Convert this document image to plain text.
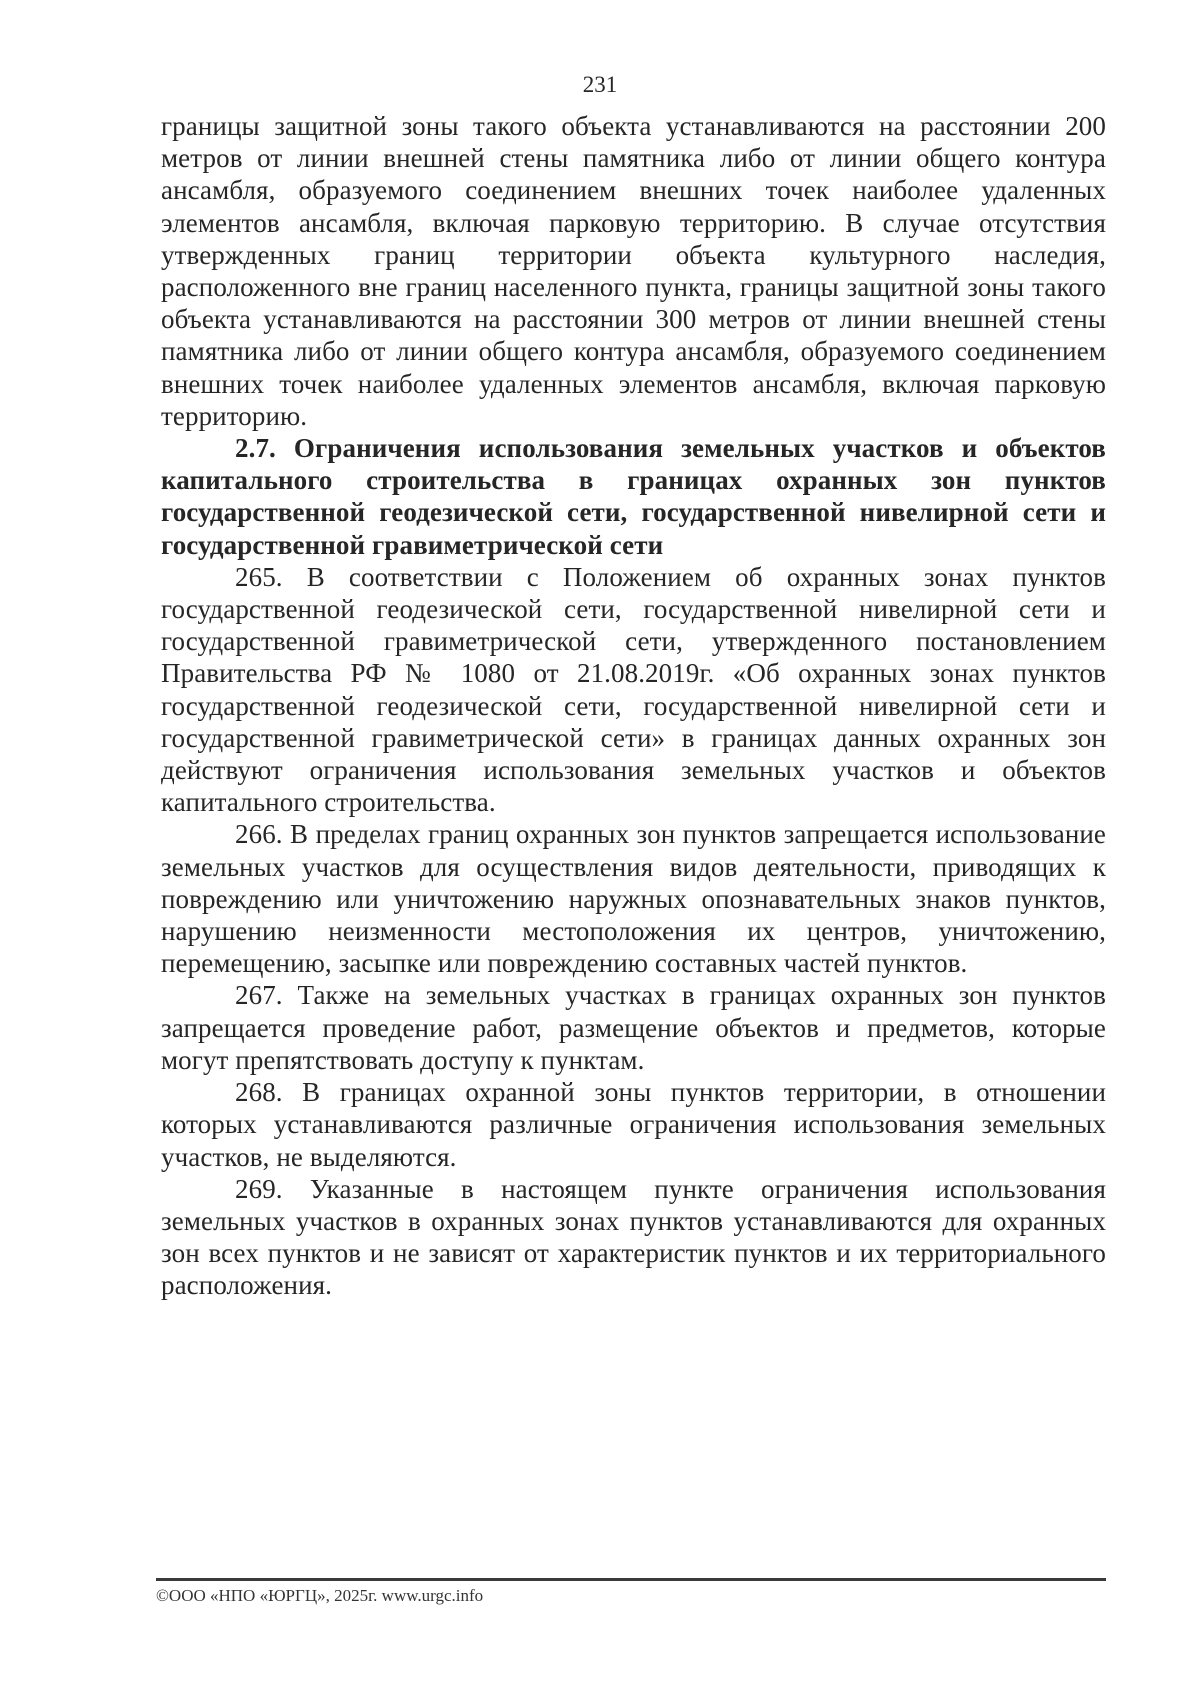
231

границы защитной зоны такого объекта устанавливаются на расстоянии 200 метров от линии внешней стены памятника либо от линии общего контура ансамбля, образуемого соединением внешних точек наиболее удаленных элементов ансамбля, включая парковую территорию. В случае отсутствия утвержденных границ территории объекта культурного наследия, расположенного вне границ населенного пункта, границы защитной зоны такого объекта устанавливаются на расстоянии 300 метров от линии внешней стены памятника либо от линии общего контура ансамбля, образуемого соединением внешних точек наиболее удаленных элементов ансамбля, включая парковую территорию.

2.7. Ограничения использования земельных участков и объектов капитального строительства в границах охранных зон пунктов государственной геодезической сети, государственной нивелирной сети и государственной гравиметрической сети

265. В соответствии с Положением об охранных зонах пунктов государственной геодезической сети, государственной нивелирной сети и государственной гравиметрической сети, утвержденного постановлением Правительства РФ № 1080 от 21.08.2019г. «Об охранных зонах пунктов государственной геодезической сети, государственной нивелирной сети и государственной гравиметрической сети» в границах данных охранных зон действуют ограничения использования земельных участков и объектов капитального строительства.

266. В пределах границ охранных зон пунктов запрещается использование земельных участков для осуществления видов деятельности, приводящих к повреждению или уничтожению наружных опознавательных знаков пунктов, нарушению неизменности местоположения их центров, уничтожению, перемещению, засыпке или повреждению составных частей пунктов.

267. Также на земельных участках в границах охранных зон пунктов запрещается проведение работ, размещение объектов и предметов, которые могут препятствовать доступу к пунктам.

268. В границах охранной зоны пунктов территории, в отношении которых устанавливаются различные ограничения использования земельных участков, не выделяются.

269. Указанные в настоящем пункте ограничения использования земельных участков в охранных зонах пунктов устанавливаются для охранных зон всех пунктов и не зависят от характеристик пунктов и их территориального расположения.

©ООО «НПО «ЮРГЦ», 2025г. www.urgc.info
